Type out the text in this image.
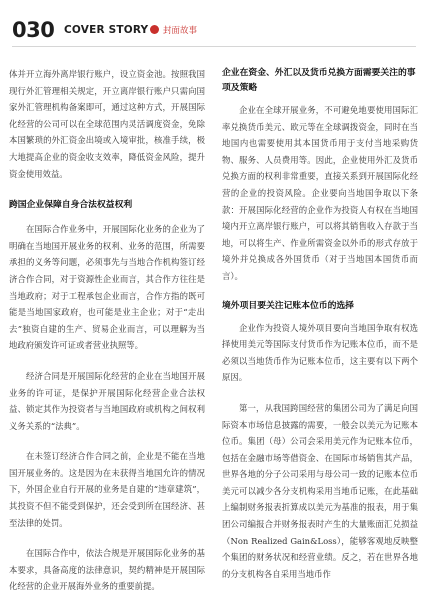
030 COVER STORY 封面故事

体并开立海外离岸银行账户，设立资金池。按照我国现行外汇管理相关规定，开立离岸银行账户只需向国家外汇管理机构备案即可，通过这种方式，开展国际化经营的公司可以在全球范围内灵活调度资金，免除本国繁琐的外汇资金出境或入境审批，核准手续，极大地提高企业的资金收支效率，降低资金风险，提升资金使用效益。

跨国企业保障自身合法权益权利

在国际合作业务中，开展国际化业务的企业为了明确在当地国开展业务的权利、业务的范围，所需要承担的义务等问题，必须事先与当地合作机构签订经济合作合同，对于资源性企业而言，其合作方往往是当地政府；对于工程承包企业而言，合作方指的既可能是当地国家政府，也可能是业主企业；对于“走出去”独资自建的生产、贸易企业而言，可以理解为当地政府颁发许可证或者营业执照等。

经济合同是开展国际化经营的企业在当地国开展业务的许可证，是保护开展国际化经营企业合法权益、锁定其作为投资者与当地国政府或机构之间权利义务关系的“法典”。

在未签订经济合作合同之前，企业是不能在当地国开展业务的。这是因为在未获得当地国允许的情况下，外国企业自行开展的业务是自建的“违章建筑”，其投资不但不能受到保护，还会受到所在国经济、甚至法律的处罚。

在国际合作中，依法合规是开展国际化业务的基本要求，具备高度的法律意识，契约精神是开展国际化经营的企业开展海外业务的重要前提。

企业在资金、外汇以及货币兑换方面需要关注的事项及策略

企业在全球开展业务，不可避免地要使用国际汇率兑换货币美元、欧元等在全球调拨资金，同时在当地国内也需要使用其本国货币用于支付当地采购货物、服务、人员费用等。因此，企业使用外汇及货币兑换方面的权利非常重要，直接关系到开展国际化经营的企业的投资风险。企业要向当地国争取以下条款：开展国际化经营的企业作为投资人有权在当地国境内开立离岸银行账户，可以将其销售收入存款于当地，可以将生产、作业所需资金以外币的形式存放于境外并兑换成各外国货币（对于当地国本国货币而言）。

境外项目要关注记账本位币的选择

企业作为投资人境外项目要向当地国争取有权选择使用美元等国际支付货币作为记账本位币，而不是必须以当地货币作为记账本位币，这主要有以下两个原因。

第一，从我国跨国经营的集团公司为了满足向国际资本市场信息披露的需要，一般会以美元为记账本位币。集团（母）公司会采用美元作为记账本位币，包括在金融市场等借资金、在国际市场销售其产品，世界各地的分子公司采用与母公司一致的记账本位币美元可以减少各分支机构采用当地币记账，在此基础上编制财务报表折算成以美元为基准的报表，用于集团公司编报合并财务报表时产生的大量账面汇兑损益（Non Realized Gain&Loss），能够客观地反映整个集团的财务状况和经营业绩。反之，若在世界各地的分支机构各自采用当地币作
